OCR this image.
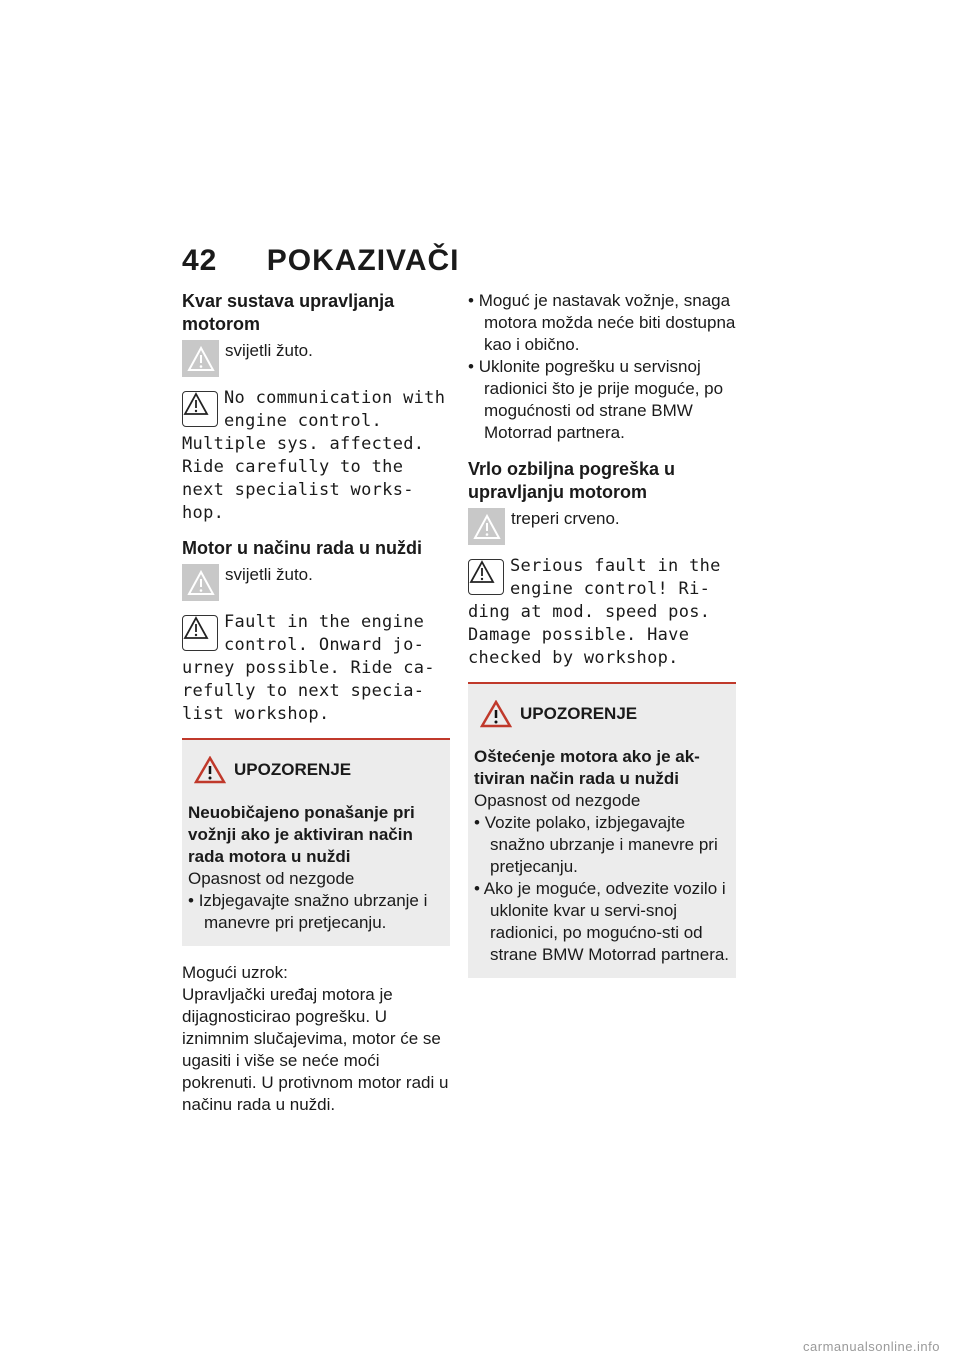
42 POKAZIVAČI
Kvar sustava upravljanja motorom
svijetli žuto.
No communication with engine control. Multiple sys. affected. Ride carefully to the next specialist works-hop.
Motor u načinu rada u nuždi
svijetli žuto.
Fault in the engine control. Onward jo-urney possible. Ride ca-refully to next specia-list workshop.
UPOZORENJE

Neuobičajeno ponašanje pri vožnji ako je aktiviran način rada motora u nuždi

Opasnost od nezgode

• Izbjegavajte snažno ubrzanje i manevre pri pretjecanju.

Mogući uzrok:

Upravljački uređaj motora je dijagnosticirao pogrešku. U iznimnim slučajevima, motor će se ugasiti i više se neće moći pokrenuti. U protivnom motor radi u načinu rada u nuždi.

• Moguć je nastavak vožnje, snaga motora možda neće biti dostupna kao i obično.
• Uklonite pogrešku u servisnoj radionici što je prije moguće, po mogućnosti od strane BMW Motorrad partnera.
Vrlo ozbiljna pogreška u upravljanju motorom
treperi crveno.
Serious fault in the engine control! Ri-ding at mod. speed pos. Damage possible. Have checked by workshop.
UPOZORENJE

Oštećenje motora ako je ak-tiviran način rada u nuždi

Opasnost od nezgode

• Vozite polako, izbjegavajte snažno ubrzanje i manevre pri pretjecanju.
• Ako je moguće, odvezite vozilo i uklonite kvar u servi-snoj radionici, po mogućno-sti od strane BMW Motorrad partnera.
carmanualsonline.info
